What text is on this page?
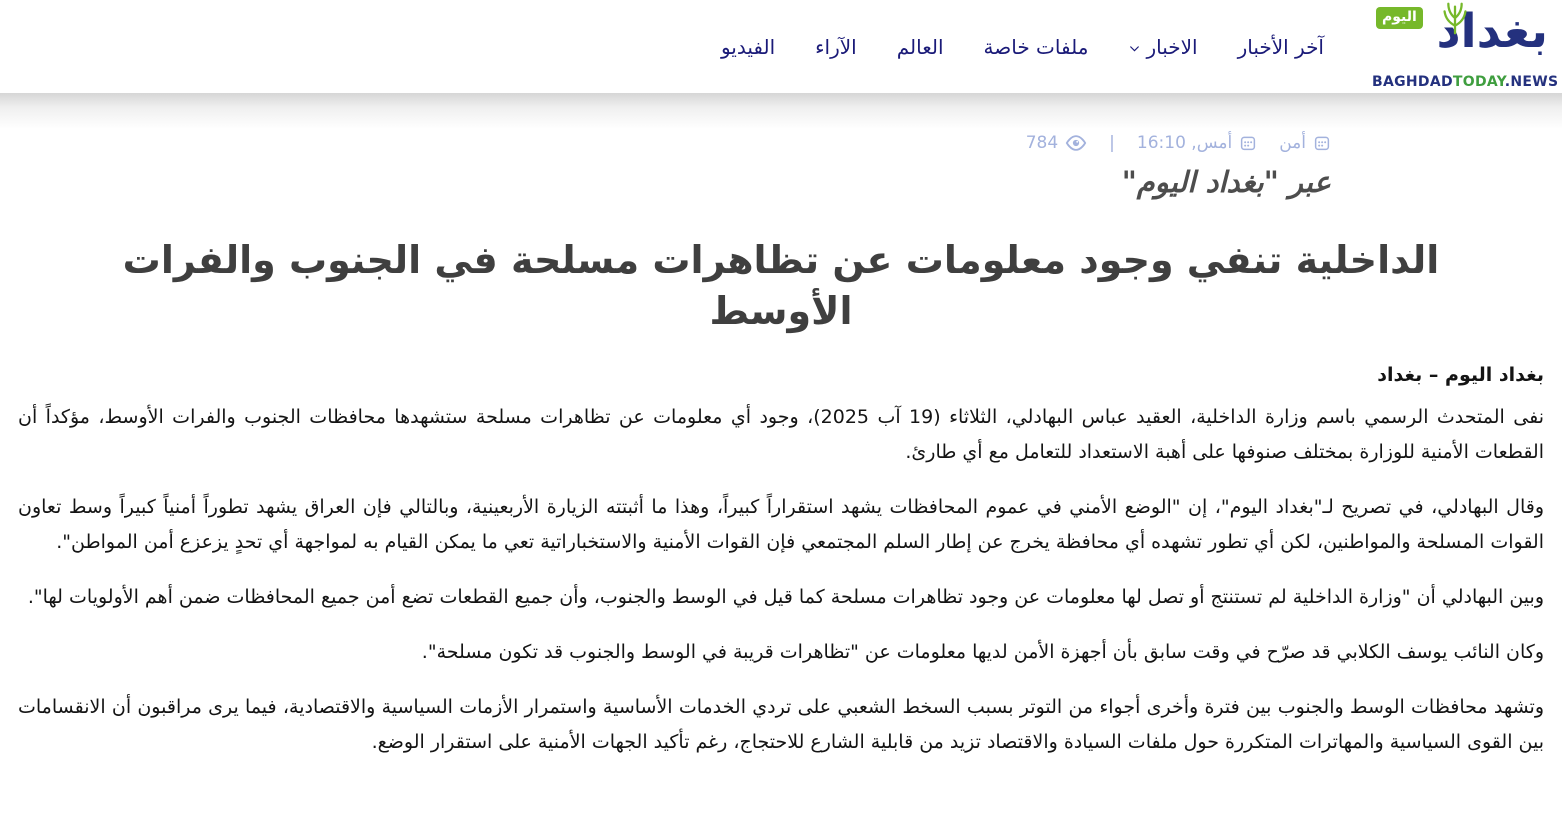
بغداد
اليوم
BAGHDADTODAY.NEWS
آخر الأخبار
الاخبار
ملفات خاصة
العالم
الآراء
الفيديو
أمن
أمس, 16:10
|
784
عبر "بغداد اليوم"
الداخلية تنفي وجود معلومات عن تظاهرات مسلحة في الجنوب والفرات الأوسط

بغداد اليوم – بغداد

نفى المتحدث الرسمي باسم وزارة الداخلية، العقيد عباس البهادلي، الثلاثاء (19 آب 2025)، وجود أي معلومات عن تظاهرات مسلحة ستشهدها محافظات الجنوب والفرات الأوسط، مؤكداً أن القطعات الأمنية للوزارة بمختلف صنوفها على أهبة الاستعداد للتعامل مع أي طارئ.

وقال البهادلي، في تصريح لـ"بغداد اليوم"، إن "الوضع الأمني في عموم المحافظات يشهد استقراراً كبيراً، وهذا ما أثبتته الزيارة الأربعينية، وبالتالي فإن العراق يشهد تطوراً أمنياً كبيراً وسط تعاون القوات المسلحة والمواطنين، لكن أي تطور تشهده أي محافظة يخرج عن إطار السلم المجتمعي فإن القوات الأمنية والاستخباراتية تعي ما يمكن القيام به لمواجهة أي تحدٍ يزعزع أمن المواطن".

وبين البهادلي أن "وزارة الداخلية لم تستنتج أو تصل لها معلومات عن وجود تظاهرات مسلحة كما قيل في الوسط والجنوب، وأن جميع القطعات تضع أمن جميع المحافظات ضمن أهم الأولويات لها".

وكان النائب يوسف الكلابي قد صرّح في وقت سابق بأن أجهزة الأمن لديها معلومات عن "تظاهرات قريبة في الوسط والجنوب قد تكون مسلحة".

وتشهد محافظات الوسط والجنوب بين فترة وأخرى أجواء من التوتر بسبب السخط الشعبي على تردي الخدمات الأساسية واستمرار الأزمات السياسية والاقتصادية، فيما يرى مراقبون أن الانقسامات بين القوى السياسية والمهاترات المتكررة حول ملفات السيادة والاقتصاد تزيد من قابلية الشارع للاحتجاج، رغم تأكيد الجهات الأمنية على استقرار الوضع.
